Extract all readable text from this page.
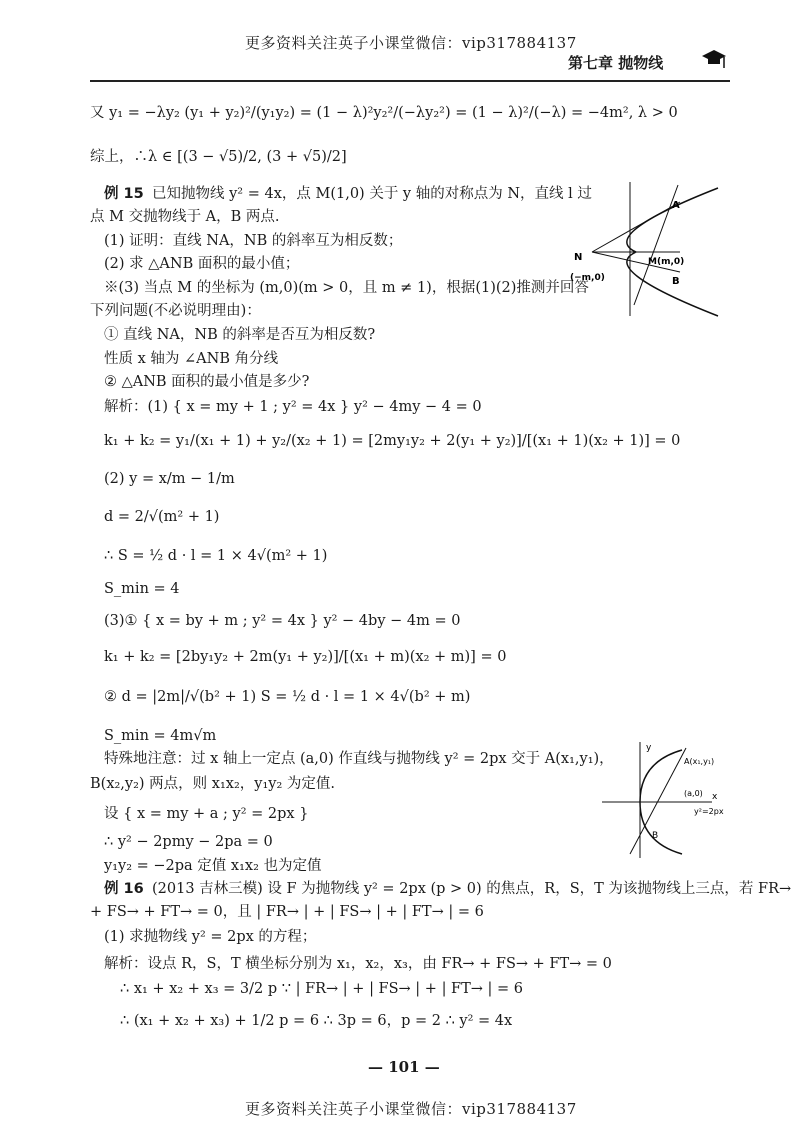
更多资料关注英子小课堂微信：vip317884137
第七章 抛物线
又 y₁ = −λy₂ (y₁ + y₂)²/(y₁y₂) = (1 − λ)²y₂²/(−λy₂²) = (1 − λ)²/(−λ) = −4m², λ > 0
综上，∴λ ∈ [(3 − √5)/2, (3 + √5)/2]
例 15 已知抛物线 y² = 4x，点 M(1,0) 关于 y 轴的对称点为 N，直线 l 过
点 M 交抛物线于 A，B 两点.
(1) 证明：直线 NA，NB 的斜率互为相反数；
(2) 求 △ANB 面积的最小值；
※(3) 当点 M 的坐标为 (m,0)(m > 0，且 m ≠ 1)，根据(1)(2)推测并回答
下列问题(不必说明理由)：
① 直线 NA，NB 的斜率是否互为相反数?
性质 x 轴为 ∠ANB 角分线
② △ANB 面积的最小值是多少?
解析：(1) { x = my + 1 ; y² = 4x } y² − 4my − 4 = 0
k₁ + k₂ = y₁/(x₁ + 1) + y₂/(x₂ + 1) = [2my₁y₂ + 2(y₁ + y₂)]/[(x₁ + 1)(x₂ + 1)] = 0
(2) y = x/m − 1/m
d = 2/√(m² + 1)
∴ S = ½ d · l = 1 × 4√(m² + 1)
S_min = 4
(3)① { x = by + m ; y² = 4x } y² − 4by − 4m = 0
k₁ + k₂ = [2by₁y₂ + 2m(y₁ + y₂)]/[(x₁ + m)(x₂ + m)] = 0
② d = |2m|/√(b² + 1) S = ½ d · l = 1 × 4√(b² + m)
S_min = 4m√m
特殊地注意：过 x 轴上一定点 (a,0) 作直线与抛物线 y² = 2px 交于 A(x₁,y₁)，
B(x₂,y₂) 两点，则 x₁x₂，y₁y₂ 为定值.
设 { x = my + a ; y² = 2px }
∴ y² − 2pmy − 2pa = 0
y₁y₂ = −2pa 定值 x₁x₂ 也为定值
例 16 (2013 吉林三模) 设 F 为抛物线 y² = 2px (p > 0) 的焦点，R，S，T 为该抛物线上三点，若 FR→
+ FS→ + FT→ = 0，且 | FR→ | + | FS→ | + | FT→ | = 6
(1) 求抛物线 y² = 2px 的方程；
解析：设点 R，S，T 横坐标分别为 x₁，x₂，x₃，由 FR→ + FS→ + FT→ = 0
∴ x₁ + x₂ + x₃ = 3/2 p ∵ | FR→ | + | FS→ | + | FT→ | = 6
∴ (x₁ + x₂ + x₃) + 1/2 p = 6 ∴ 3p = 6，p = 2 ∴ y² = 4x
A
B
N
(−m,0)
M(m,0)
y
x
A(x₁,y₁)
(a,0)
y²=2px
B
— 101 —
更多资料关注英子小课堂微信：vip317884137
